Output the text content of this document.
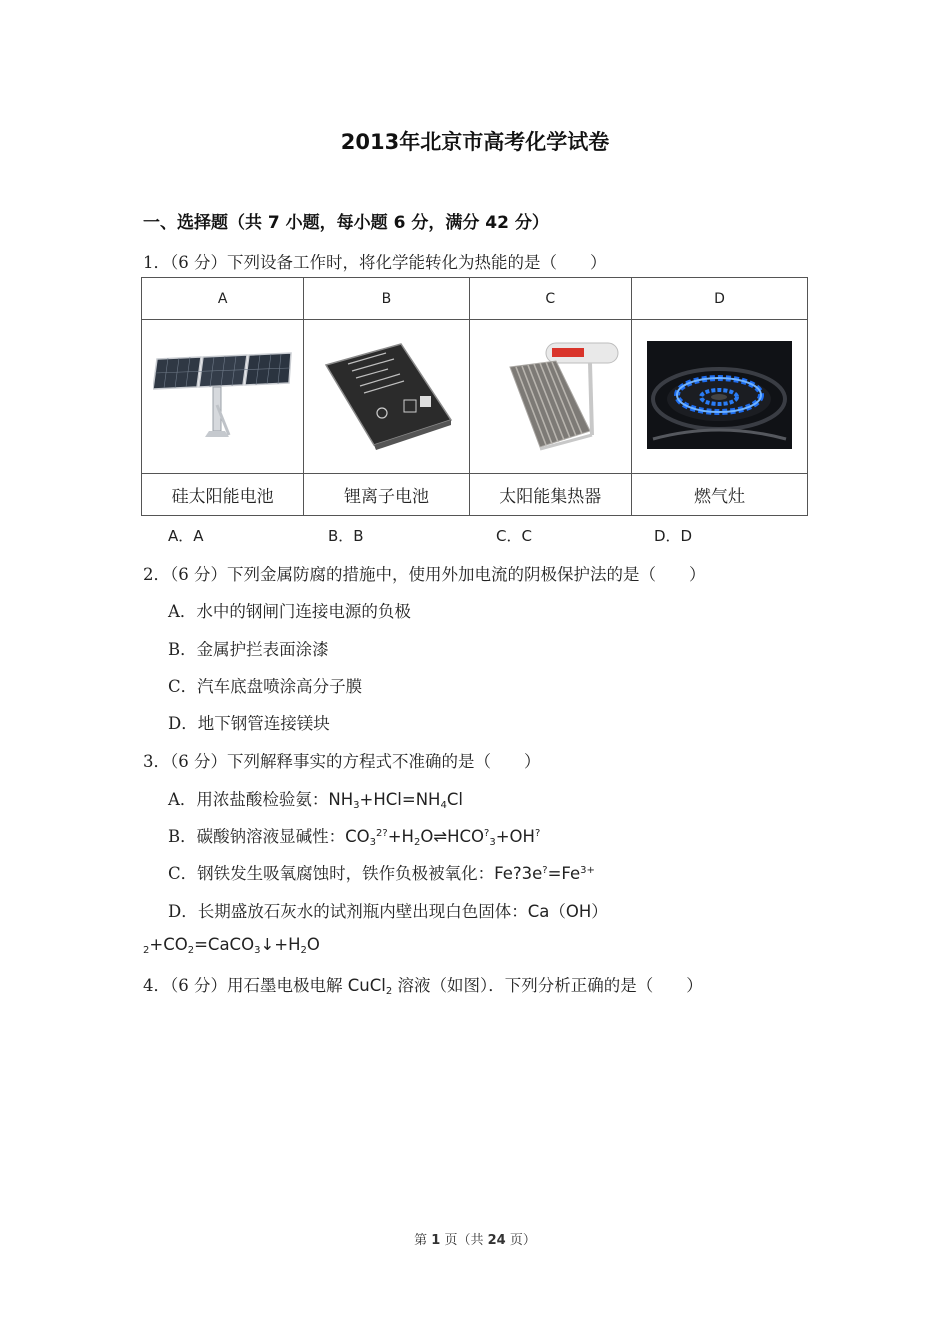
2013年北京市高考化学试卷
一、选择题（共 7 小题，每小题 6 分，满分 42 分）
1．（6 分）下列设备工作时，将化学能转化为热能的是（　　）
A	B	C	D

硅太阳能电池	锂离子电池	太阳能集热器	燃气灶
A．A	B．B	C．C	D．D
2．（6 分）下列金属防腐的措施中，使用外加电流的阴极保护法的是（　　）
A．水中的钢闸门连接电源的负极
B．金属护拦表面涂漆
C．汽车底盘喷涂高分子膜
D．地下钢管连接镁块
3．（6 分）下列解释事实的方程式不准确的是（　　）
A．用浓盐酸检验氨：$NH_3+HCl=NH_4Cl$
B．碳酸钠溶液显碱性：$CO_3^{2?}+H_2O\rightleftharpoons HCO^?_3+OH^?$
C．钢铁发生吸氧腐蚀时，铁作负极被氧化：$Fe?3e^?=Fe^{3+}$
D．长期盛放石灰水的试剂瓶内壁出现白色固体：Ca（OH）
$_2+CO_2=CaCO_3↓+H_2O$
4．（6 分）用石墨电极电解 CuCl$_2$ 溶液（如图）．下列分析正确的是（　　）
第 1 页（共 24 页）
